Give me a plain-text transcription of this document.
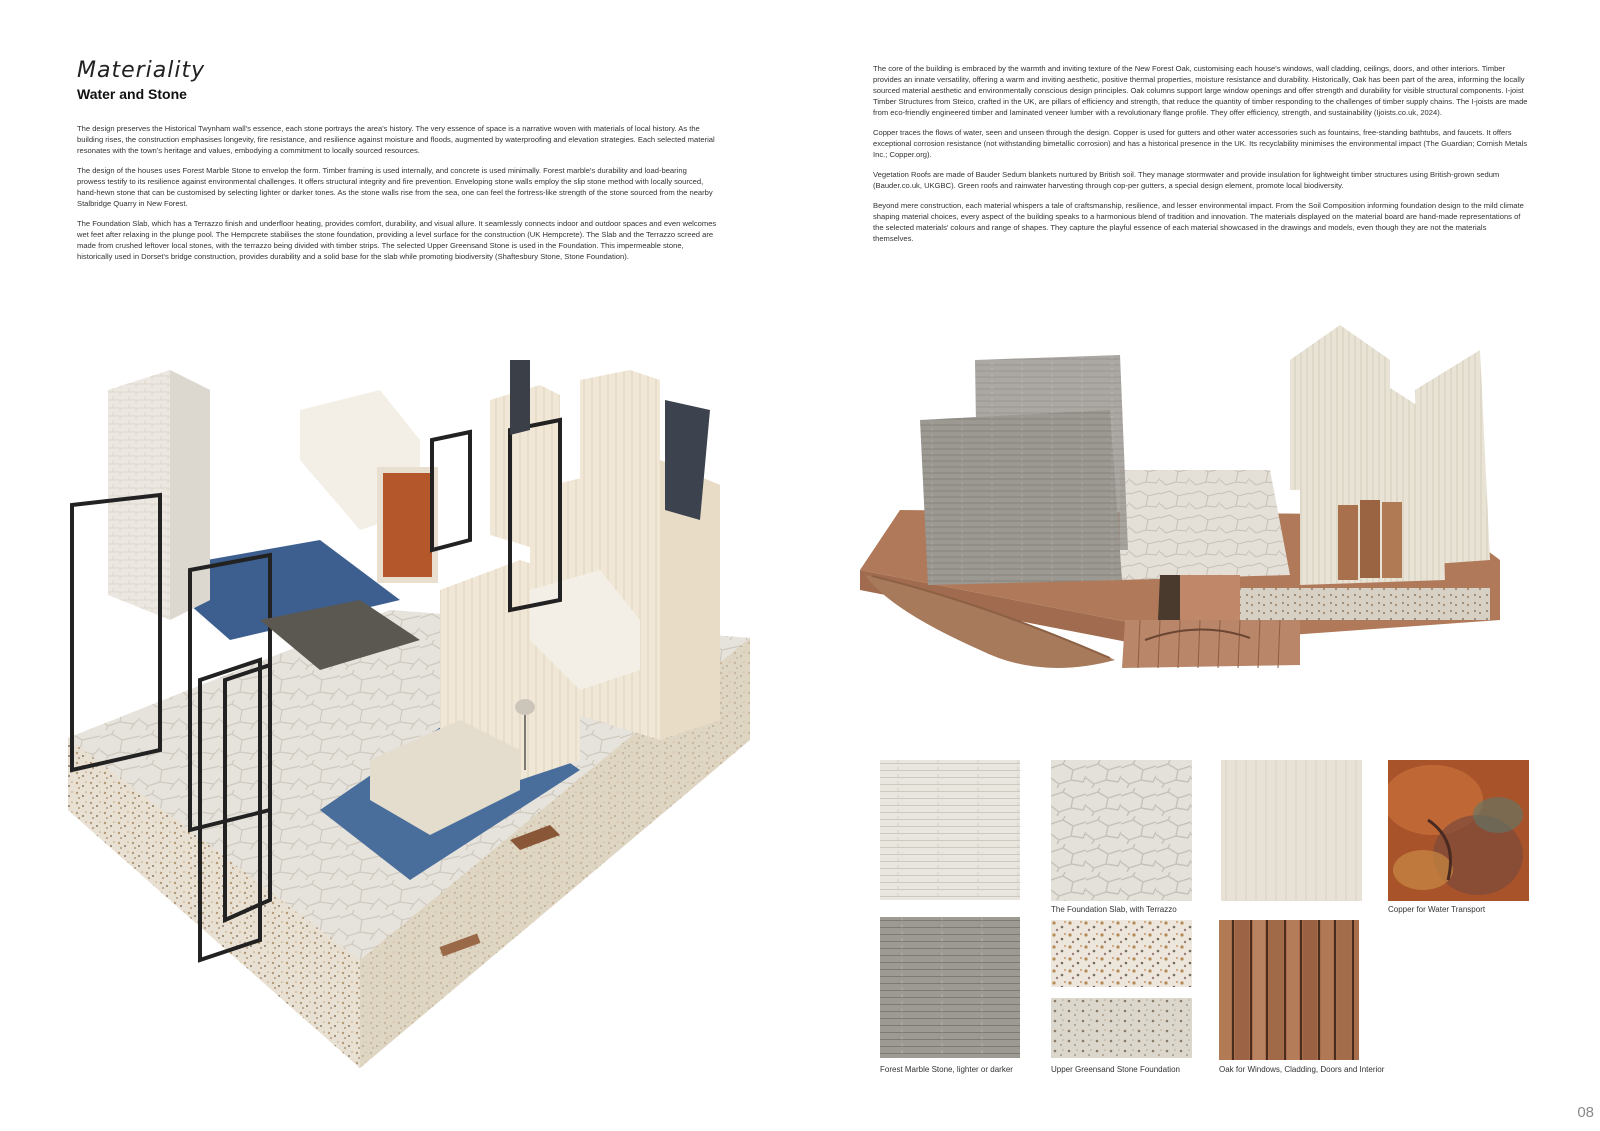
Materiality
Water and Stone

The design preserves the Historical Twynham wall's essence, each stone portrays the area's history. The very essence of space is a narrative woven with materials of local history. As the building rises, the construction emphasises longevity, fire resistance, and resilience against moisture and floods, augmented by waterproofing and elevation strategies. Each selected material resonates with the town's heritage and values, embodying a commitment to locally sourced resources.

The design of the houses uses Forest Marble Stone to envelop the form. Timber framing is used internally, and concrete is used minimally. Forest marble's durability and load-bearing prowess testify to its resilience against environmental challenges. It offers structural integrity and fire prevention. Enveloping stone walls employ the slip stone method with locally sourced, hand-hewn stone that can be customised by selecting lighter or darker tones. As the stone walls rise from the sea, one can feel the fortress-like strength of the stone sourced from the nearby Stalbridge Quarry in New Forest.

The Foundation Slab, which has a Terrazzo finish and underfloor heating, provides comfort, durability, and visual allure. It seamlessly connects indoor and outdoor spaces and even welcomes wet feet after relaxing in the plunge pool. The Hempcrete stabilises the stone foundation, providing a level surface for the construction (UK Hempcrete). The Slab and the Terrazzo screed are made from crushed leftover local stones, with the terrazzo being divided with timber strips. The selected Upper Greensand Stone is used in the Foundation. This impermeable stone, historically used in Dorset's bridge construction, provides durability and a solid base for the slab while promoting biodiversity (Shaftesbury Stone, Stone Foundation).

The core of the building is embraced by the warmth and inviting texture of the New Forest Oak, customising each house's windows, wall cladding, ceilings, doors, and other interiors. Timber provides an innate versatility, offering a warm and inviting aesthetic, positive thermal properties, moisture resistance and durability. Historically, Oak has been part of the area, informing the locally sourced material aesthetic and environmentally conscious design principles. Oak columns support large window openings and offer strength and durability for visible structural components. I-joist Timber Structures from Steico, crafted in the UK, are pillars of efficiency and strength, that reduce the quantity of timber responding to the challenges of timber supply chains. The I-joists are made from eco-friendly engineered timber and laminated veneer lumber with a revolutionary flange profile. They offer efficiency, strength, and sustainability (Ijoists.co.uk, 2024).

Copper traces the flows of water, seen and unseen through the design. Copper is used for gutters and other water accessories such as fountains, free-standing bathtubs, and faucets. It offers exceptional corrosion resistance (not withstanding bimetallic corrosion) and has a historical presence in the UK. Its recyclability minimises the environmental impact (The Guardian; Cornish Metals Inc.; Copper.org).

Vegetation Roofs are made of Bauder Sedum blankets nurtured by British soil. They manage stormwater and provide insulation for lightweight timber structures using British-grown sedum (Bauder.co.uk, UKGBC). Green roofs and rainwater harvesting through cop-per gutters, a special design element, promote local biodiversity.

Beyond mere construction, each material whispers a tale of craftsmanship, resilience, and lesser environmental impact. From the Soil Composition informing foundation design to the mild climate shaping material choices, every aspect of the building speaks to a harmonious blend of tradition and innovation. The materials displayed on the material board are hand-made representations of the selected materials' colours and range of shapes. They capture the playful essence of each material showcased in the drawings and models, even though they are not the materials themselves.

The Foundation Slab, with Terrazzo	Copper for Water Transport
Forest Marble Stone, lighter or darker	Upper Greensand Stone Foundation	Oak for Windows, Cladding, Doors and Interior
08
